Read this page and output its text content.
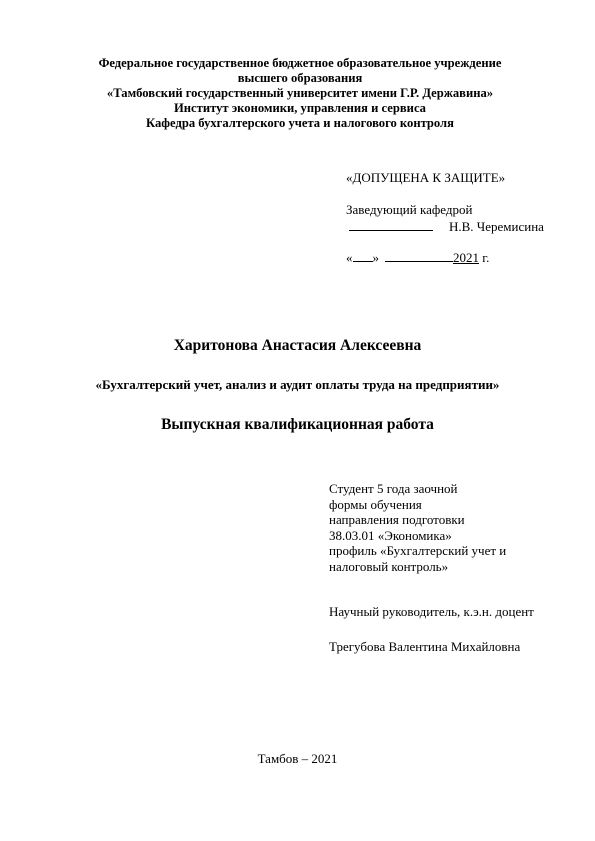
Федеральное государственное бюджетное образовательное учреждение
высшего образования
«Тамбовский государственный университет имени Г.Р. Державина»
Институт экономики, управления и сервиса
Кафедра бухгалтерского учета и налогового контроля
«ДОПУЩЕНА К ЗАЩИТЕ»
Заведующий кафедрой
Н.В. Черемисина
« »	2021 г.
Харитонова Анастасия Алексеевна
«Бухгалтерский учет, анализ и аудит оплаты труда на предприятии»
Выпускная квалификационная работа
Студент 5 года заочной
формы обучения
направления подготовки
38.03.01 «Экономика»
профиль «Бухгалтерский учет и
налоговый контроль»
Научный руководитель, к.э.н. доцент
Трегубова Валентина Михайловна
Тамбов – 2021
